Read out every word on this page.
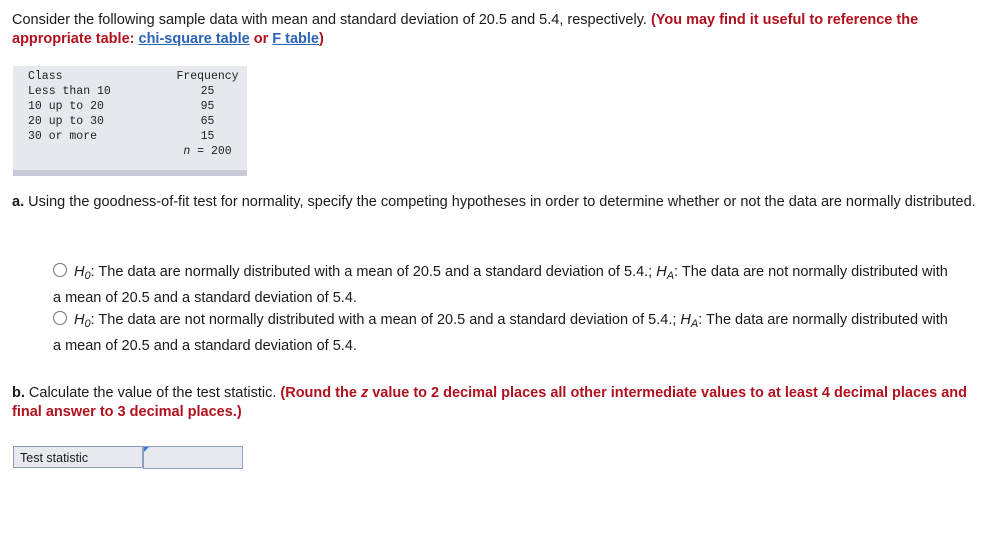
Consider the following sample data with mean and standard deviation of 20.5 and 5.4, respectively. (You may find it useful to reference the appropriate table: chi-square table or F table)
Class	Frequency
Less than 10	25
10 up to 20	95
20 up to 30	65
30 or more	15
	n = 200
a. Using the goodness-of-fit test for normality, specify the competing hypotheses in order to determine whether or not the data are normally distributed.
$H_0$: The data are normally distributed with a mean of 20.5 and a standard deviation of 5.4.; $H_A$: The data are not normally distributed with a mean of 20.5 and a standard deviation of 5.4.
$H_0$: The data are not normally distributed with a mean of 20.5 and a standard deviation of 5.4.; $H_A$: The data are normally distributed with a mean of 20.5 and a standard deviation of 5.4.
b. Calculate the value of the test statistic. (Round the z value to 2 decimal places all other intermediate values to at least 4 decimal places and final answer to 3 decimal places.)
Test statistic
